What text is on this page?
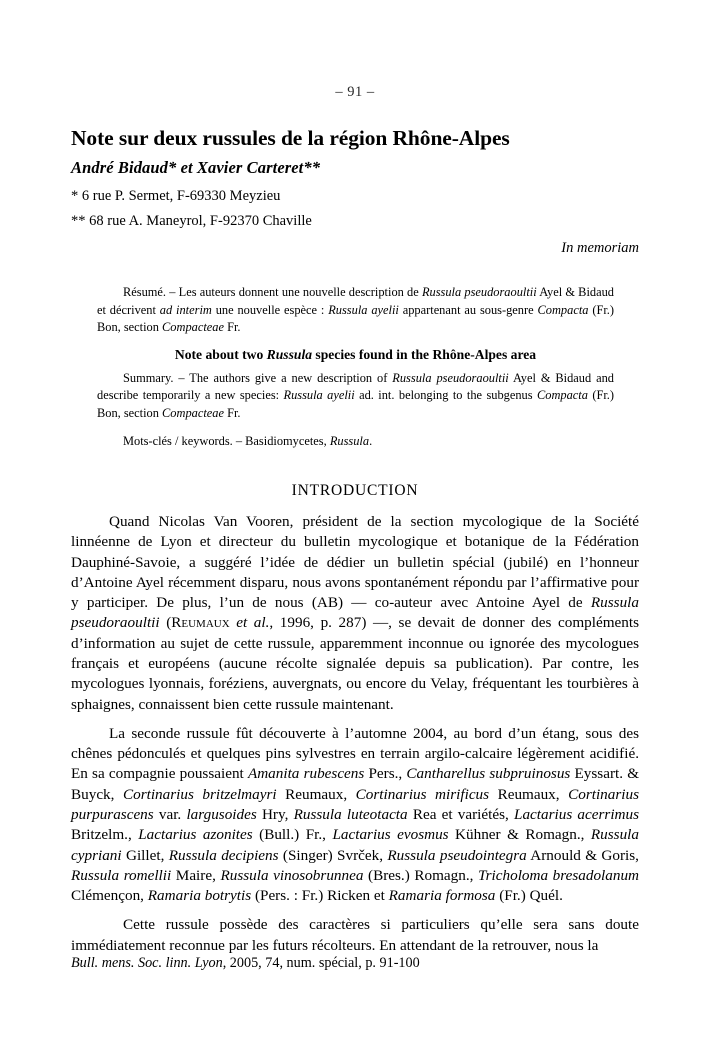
– 91 –
Note sur deux russules de la région Rhône-Alpes
André Bidaud* et Xavier Carteret**
* 6 rue P. Sermet, F-69330 Meyzieu
** 68 rue A. Maneyrol, F-92370 Chaville
In memoriam

Résumé. – Les auteurs donnent une nouvelle description de Russula pseudoraoultii Ayel & Bidaud et décrivent ad interim une nouvelle espèce : Russula ayelii appartenant au sous-genre Compacta (Fr.) Bon, section Compacteae Fr.

Note about two Russula species found in the Rhône-Alpes area

Summary. – The authors give a new description of Russula pseudoraoultii Ayel & Bidaud and describe temporarily a new species: Russula ayelii ad. int. belonging to the subgenus Compacta (Fr.) Bon, section Compacteae Fr.

Mots-clés / keywords. – Basidiomycetes, Russula.

INTRODUCTION

Quand Nicolas Van Vooren, président de la section mycologique de la Société linnéenne de Lyon et directeur du bulletin mycologique et botanique de la Fédération Dauphiné-Savoie, a suggéré l’idée de dédier un bulletin spécial (jubilé) en l’honneur d’Antoine Ayel récemment disparu, nous avons spontanément répondu par l’affirmative pour y participer. De plus, l’un de nous (AB) — co-auteur avec Antoine Ayel de Russula pseudoraoultii (Reumaux et al., 1996, p. 287) —, se devait de donner des compléments d’information au sujet de cette russule, apparemment inconnue ou ignorée des mycologues français et européens (aucune récolte signalée depuis sa publication). Par contre, les mycologues lyonnais, foréziens, auvergnats, ou encore du Velay, fréquentant les tourbières à sphaignes, connaissent bien cette russule maintenant.

La seconde russule fût découverte à l’automne 2004, au bord d’un étang, sous des chênes pédonculés et quelques pins sylvestres en terrain argilo-calcaire légèrement acidifié. En sa compagnie poussaient Amanita rubescens Pers., Cantharellus subpruinosus Eyssart. & Buyck, Cortinarius britzelmayri Reumaux, Cortinarius mirificus Reumaux, Cortinarius purpurascens var. largusoides Hry, Russula luteotacta Rea et variétés, Lactarius acerrimus Britzelm., Lactarius azonites (Bull.) Fr., Lactarius evosmus Kühner & Romagn., Russula cypriani Gillet, Russula decipiens (Singer) Svrček, Russula pseudointegra Arnould & Goris, Russula romellii Maire, Russula vinosobrunnea (Bres.) Romagn., Tricholoma bresadolanum Clémençon, Ramaria botrytis (Pers. : Fr.) Ricken et Ramaria formosa (Fr.) Quél.

Cette russule possède des caractères si particuliers qu’elle sera sans doute immédiatement reconnue par les futurs récolteurs. En attendant de la retrouver, nous la

Bull. mens. Soc. linn. Lyon, 2005, 74, num. spécial, p. 91-100
